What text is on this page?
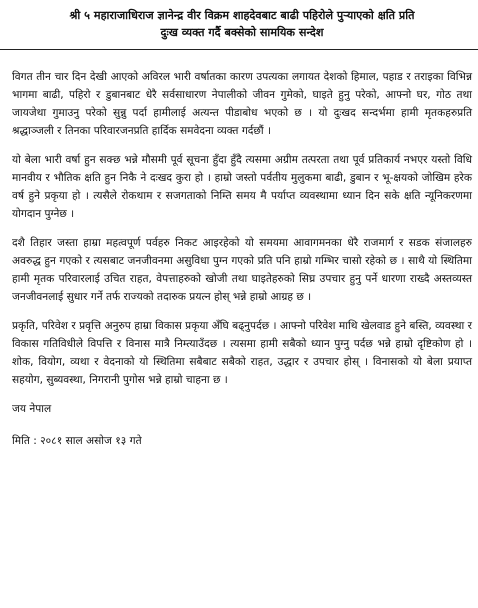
श्री ५ महाराजाधिराज ज्ञानेन्द्र वीर विक्रम शाहदेवबाट बाढी पहिरोले पुर्‍याएको क्षति प्रति
दुःख व्यक्त गर्दै बक्सेको सामयिक सन्देश

विगत तीन चार दिन देखी आएको अविरल भारी वर्षातका कारण उपत्यका लगायत देशको हिमाल, पहाड र तराइका विभिन्न भागमा बाढी, पहिरो र डुबानबाट धेरै सर्वसाधारण नेपालीको जीवन गुमेको, घाइते हुनु परेको, आफ्नो घर, गोठ तथा जायजेथा गुमाउनु परेको सुन्नु पर्दा हामीलाई अत्यन्त पीडाबोध भएको छ । यो दुःखद सन्दर्भमा हामी मृतकहरुप्रति श्रद्धाञ्जली र तिनका परिवारजनप्रति हार्दिक समवेदना व्यक्त गर्दछौं ।

यो बेला भारी वर्षा हुन सक्छ भन्ने मौसमी पूर्व सूचना हुँदा हुँदै त्यसमा अग्रीम तत्परता तथा पूर्व प्रतिकार्य नभएर यस्तो विधि मानवीय र भौतिक क्षति हुन निकै ने दःखद कुरा हो । हाम्रो जस्तो पर्वतीय मुलुकमा बाढी, डुबान र भू-क्षयको जोखिम हरेक वर्ष हुने प्रकृया हो । त्यसैले रोकथाम र सजगताको निम्ति समय मै पर्याप्त व्यवस्थामा ध्यान दिन सके क्षति न्यूनिकरणमा योगदान पुग्नेछ ।

दशै तिहार जस्ता हाम्रा महत्वपूर्ण पर्वहरु निकट आइरहेको यो समयमा आवागमनका धेरै राजमार्ग र सडक संजालहरु अवरुद्ध हुन गएको र त्यसबाट जनजीवनमा असुविधा पुग्न गएको प्रति पनि हाम्रो गम्भिर चासो रहेको छ । साथै यो स्थितिमा हामी मृतक परिवारलाई उचित राहत, वेपत्ताहरुको खोजी तथा घाइतेहरुको सिघ्र उपचार हुनु पर्ने धारणा राख्दै अस्तव्यस्त जनजीवनलाई सुधार गर्ने तर्फ राज्यको तदारुक प्रयत्न होस् भन्ने हाम्रो आग्रह छ ।

प्रकृति, परिवेश र प्रवृत्ति अनुरुप हाम्रा विकास प्रकृया अँघि बढ्नुपर्दछ । आफ्नो परिवेश माथि खेलवाड हुने बस्ति, व्यवस्था र विकास गतिविधीले विपत्ति र विनास मात्रै निम्त्याउँदछ । त्यसमा हामी सबैको ध्यान पुग्नु पर्दछ भन्ने हाम्रो दृष्टिकोण हो । शोक, वियोग, व्यथा र वेदनाको यो स्थितिमा सबैबाट सबैको राहत, उद्धार र उपचार होस् । विनासको यो बेला प्रयाप्त सहयोग, सुब्यवस्था, निगरानी पुगोस भन्ने हाम्रो चाहना छ ।

जय नेपाल

मिति : २०८१ साल असोज १३ गते
